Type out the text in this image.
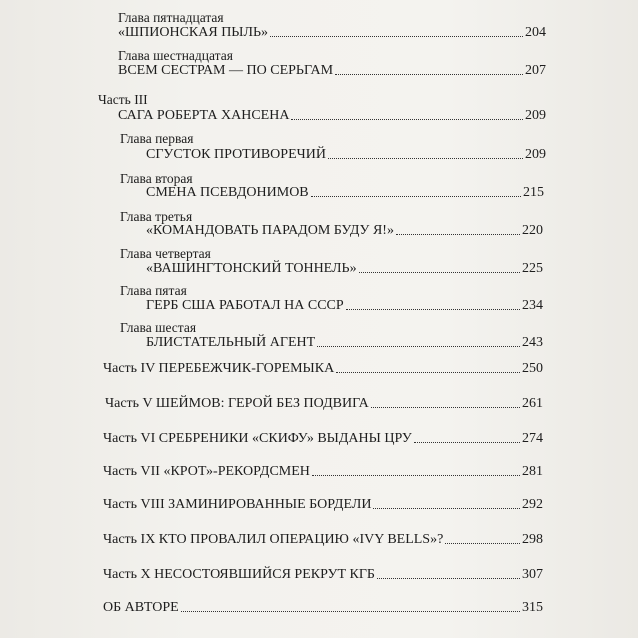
Глава пятнадцатая
«ШПИОНСКАЯ ПЫЛЬ»	204
Глава шестнадцатая
ВСЕМ СЕСТРАМ — ПО СЕРЬГАМ	207
Часть III
САГА РОБЕРТА ХАНСЕНА	209
Глава первая
СГУСТОК ПРОТИВОРЕЧИЙ	209
Глава вторая
СМЕНА ПСЕВДОНИМОВ	215
Глава третья
«КОМАНДОВАТЬ ПАРАДОМ БУДУ Я!»	220
Глава четвертая
«ВАШИНГТОНСКИЙ ТОННЕЛЬ»	225
Глава пятая
ГЕРБ США РАБОТАЛ НА СССР	234
Глава шестая
БЛИСТАТЕЛЬНЫЙ АГЕНТ	243
Часть IV ПЕРЕБЕЖЧИК-ГОРЕМЫКА	250
Часть V ШЕЙМОВ: ГЕРОЙ БЕЗ ПОДВИГА	261
Часть VI СРЕБРЕНИКИ «СКИФУ» ВЫДАНЫ ЦРУ	274
Часть VII «КРОТ»-РЕКОРДСМЕН	281
Часть VIII ЗАМИНИРОВАННЫЕ БОРДЕЛИ	292
Часть IX КТО ПРОВАЛИЛ ОПЕРАЦИЮ «IVY BELLS»?	298
Часть X НЕСОСТОЯВШИЙСЯ РЕКРУТ КГБ	307
ОБ АВТОРЕ	315
